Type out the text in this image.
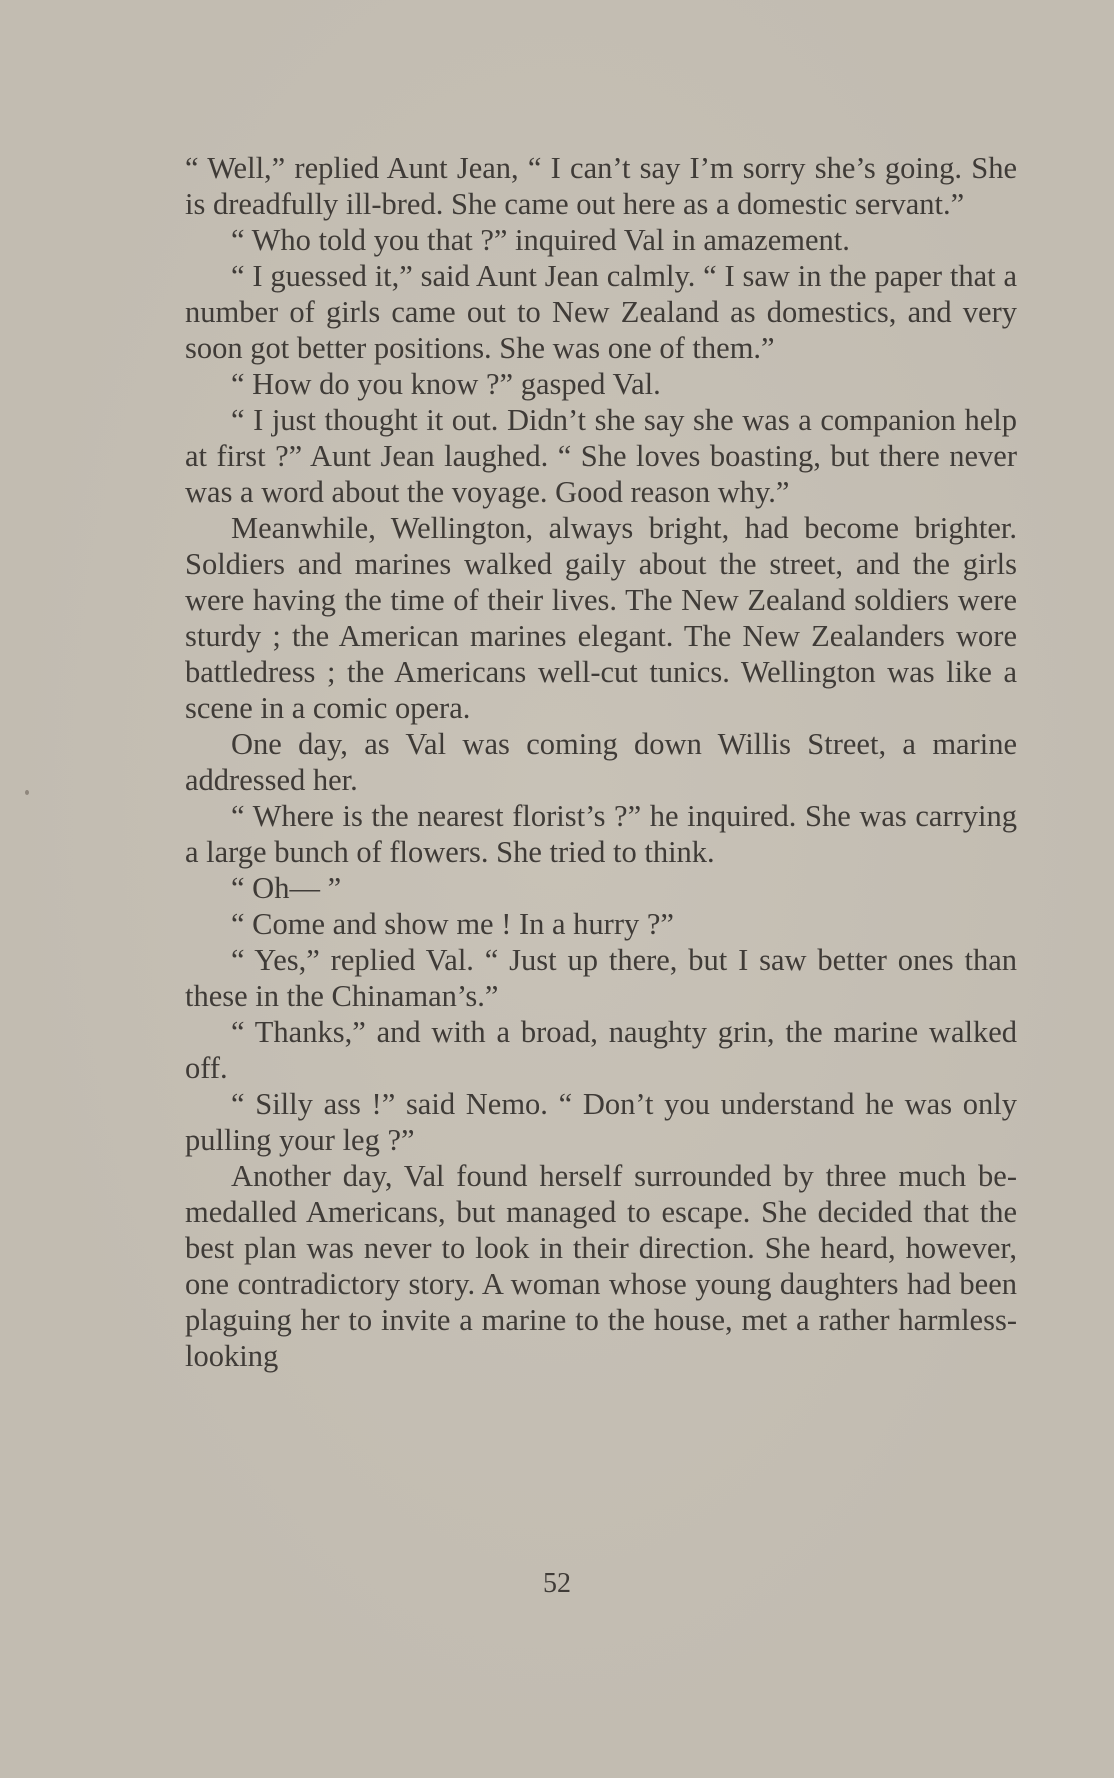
“ Well,” replied Aunt Jean, “ I can’t say I’m sorry she’s going. She is dreadfully ill-bred. She came out here as a domestic servant.”

“ Who told you that ?” inquired Val in amazement.

“ I guessed it,” said Aunt Jean calmly. “ I saw in the paper that a number of girls came out to New Zealand as domestics, and very soon got better positions. She was one of them.”

“ How do you know ?” gasped Val.

“ I just thought it out. Didn’t she say she was a companion help at first ?” Aunt Jean laughed. “ She loves boasting, but there never was a word about the voyage. Good reason why.”

Meanwhile, Wellington, always bright, had become brighter. Soldiers and marines walked gaily about the street, and the girls were having the time of their lives. The New Zealand soldiers were sturdy ; the American marines elegant. The New Zealanders wore battledress ; the Americans well-cut tunics. Wellington was like a scene in a comic opera.

One day, as Val was coming down Willis Street, a marine addressed her.

“ Where is the nearest florist’s ?” he inquired. She was carrying a large bunch of flowers. She tried to think.

“ Oh— ”

“ Come and show me ! In a hurry ?”

“ Yes,” replied Val. “ Just up there, but I saw better ones than these in the Chinaman’s.”

“ Thanks,” and with a broad, naughty grin, the marine walked off.

“ Silly ass !” said Nemo. “ Don’t you understand he was only pulling your leg ?”

Another day, Val found herself surrounded by three much be-medalled Americans, but managed to escape. She decided that the best plan was never to look in their direction. She heard, however, one contradictory story. A woman whose young daughters had been plaguing her to invite a marine to the house, met a rather harmless-looking

52
